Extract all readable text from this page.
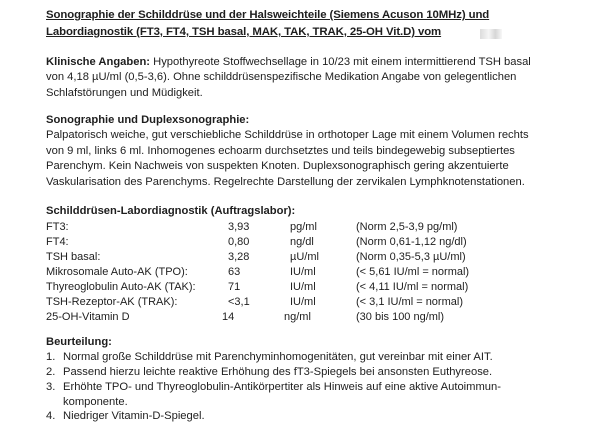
Sonographie der Schilddrüse und der Halsweichteile (Siemens Acuson 10MHz) und
Labordiagnostik (FT3, FT4, TSH basal, MAK, TAK, TRAK, 25-OH Vit.D) vom
Klinische Angaben: Hypothyreote Stoffwechsellage in 10/23 mit einem intermittierend TSH basal
von 4,18 µU/ml (0,5-3,6). Ohne schilddrüsenspezifische Medikation Angabe von gelegentlichen
Schlafstörungen und Müdigkeit.
Sonographie und Duplexsonographie:
Palpatorisch weiche, gut verschiebliche Schilddrüse in orthotoper Lage mit einem Volumen rechts
von 9 ml, links 6 ml. Inhomogenes echoarm durchsetztes und teils bindegewebig subseptiertes
Parenchym. Kein Nachweis von suspekten Knoten. Duplexsonographisch gering akzentuierte
Vaskularisation des Parenchyms. Regelrechte Darstellung der zervikalen Lymphknotenstationen.
Schilddrüsen-Labordiagnostik (Auftragslabor):
FT3:	3,93	pg/ml	(Norm 2,5-3,9 pg/ml)
FT4:	0,80	ng/dl	(Norm 0,61-1,12 ng/dl)
TSH basal:	3,28	µU/ml	(Norm 0,35-5,3 µU/ml)
Mikrosomale Auto-AK (TPO):	63	IU/ml	(< 5,61 IU/ml = normal)
Thyreoglobulin Auto-AK (TAK):	71	IU/ml	(< 4,11 IU/ml = normal)
TSH-Rezeptor-AK (TRAK):	<3,1	IU/ml	(< 3,1 IU/ml = normal)
25-OH-Vitamin D	14	ng/ml	(30 bis 100 ng/ml)
Beurteilung:
1. Normal große Schilddrüse mit Parenchyminhomogenitäten, gut vereinbar mit einer AIT.
2. Passend hierzu leichte reaktive Erhöhung des fT3-Spiegels bei ansonsten Euthyreose.
3. Erhöhte TPO- und Thyreoglobulin-Antikörpertiter als Hinweis auf eine aktive Autoimmun-
komponente.
4. Niedriger Vitamin-D-Spiegel.
